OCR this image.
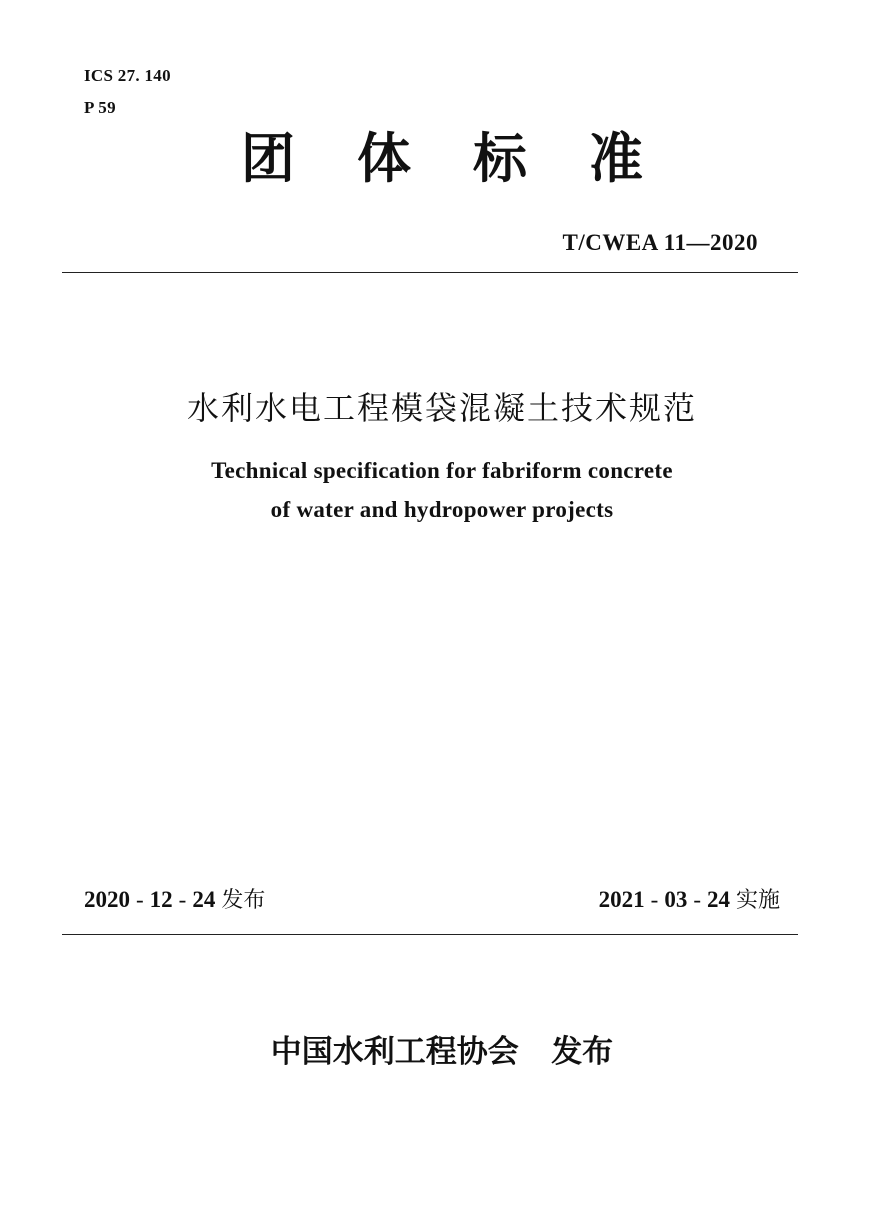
ICS 27. 140
P 59
团体标准
T/CWEA 11—2020
水利水电工程模袋混凝土技术规范
Technical specification for fabriform concrete
of water and hydropower projects
2020 - 12 - 24 发布	2021 - 03 - 24 实施
中国水利工程协会 发布
